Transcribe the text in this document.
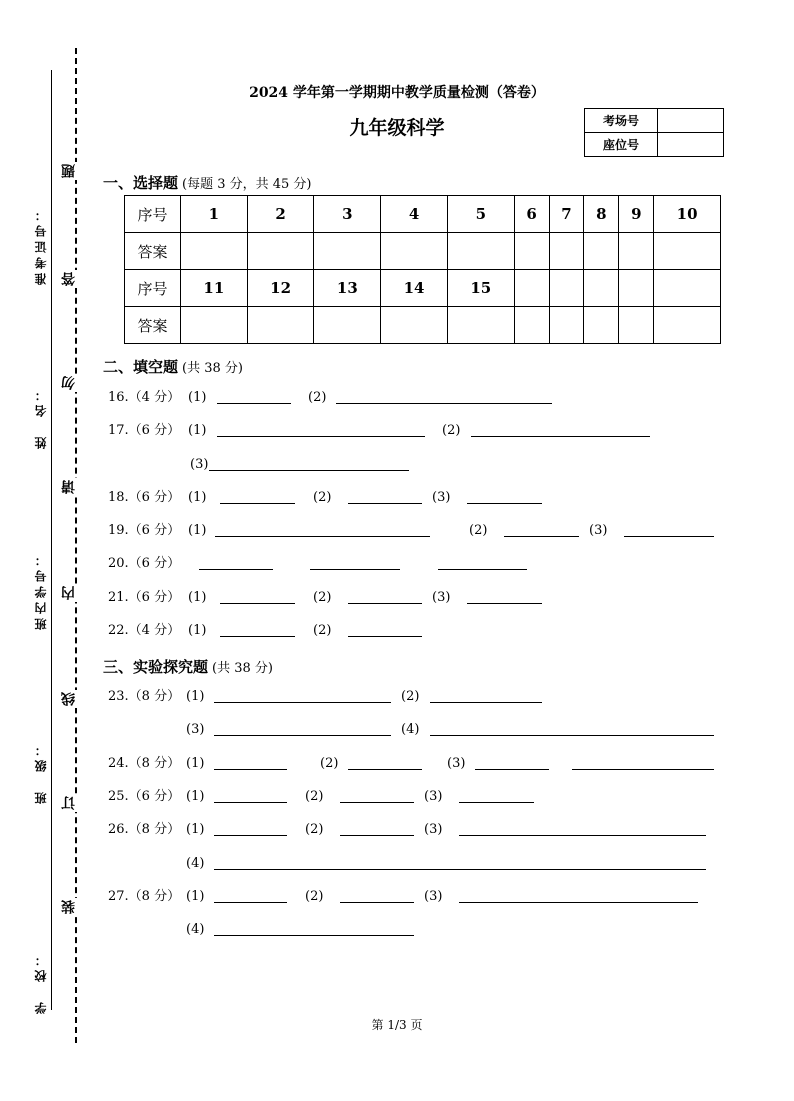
准考证号：
姓　名：
班内学号：
班　级：
学　校：
题
答
勿
请
内
线
订
装
2024 学年第一学期期中教学质量检测（答卷）
九年级科学	考场号	
座位号	
一、选择题 (每题 3 分，共 45 分)
序号	1	2	3	4	5	6	7	8	9	10
答案										
序号	11	12	13	14	15					
答案										
二、填空题 (共 38 分)
16.（4 分） (1)	(2)
17.（6 分） (1)	(2)
(3)
18.（6 分） (1)	(2)	(3)
19.（6 分） (1)	(2)	(3)
20.（6 分）
21.（6 分） (1)	(2)	(3)
22.（4 分） (1)	(2)
三、实验探究题 (共 38 分)
23.（8 分） (1)	(2)
(3)	(4)
24.（8 分） (1)	(2)	(3)
25.（6 分） (1)	(2)	(3)
26.（8 分） (1)	(2)	(3)
(4)
27.（8 分） (1)	(2)	(3)
(4)
第 1/3 页
